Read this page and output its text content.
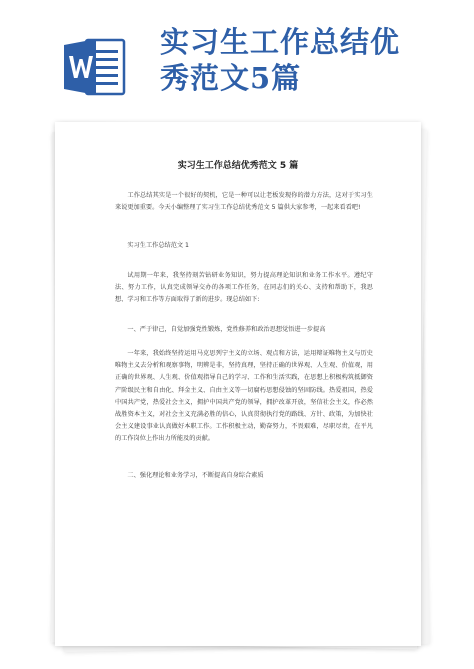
实习生工作总结优
秀范文5篇
实习生工作总结优秀范文 5 篇

工作总结其实是一个很好的契机，它是一种可以让老板发现你的潜力方法，这对于实习生来说更加重要。今天小编整理了实习生工作总结优秀范文 5 篇供大家参考，一起来看看吧!

实习生工作总结范文 1

试用期一年来，我坚持刻苦钻研业务知识，努力提高理论知识和业务工作水平。遵纪守法、努力工作，认真完成领导交办的各项工作任务，在同志们的关心、支持和帮助下，我思想、学习和工作等方面取得了新的进步。现总结如下:

一、严于律己，自觉加强党性锻炼，党性修养和政治思想觉悟进一步提高

一年来，我始终坚持运用马克思列宁主义的立场、观点和方法，运用辩证唯物主义与历史唯物主义去分析和观察事物，明辨是非，坚持真理，坚持正确的世界观、人生观、价值观，用正确的世界观、人生观、价值观指导自己的学习、工作和生活实践，在思想上积极构筑抵御资产阶级民主和自由化、拜金主义、自由主义等一切腐朽思想侵蚀的坚固防线。热爱祖国，热爱中国共产党，热爱社会主义，拥护中国共产党的领导，拥护改革开放，坚信社会主义，作必然战胜资本主义，对社会主义充满必胜的信心，认真贯彻执行党的路线、方针、政策，为加快社会主义建设事业认真做好本职工作。工作积极主动，勤奋努力，不畏艰难，尽职尽责，在平凡的工作岗位上作出力所能及的贡献。

二、强化理论和业务学习，不断提高自身综合素质
